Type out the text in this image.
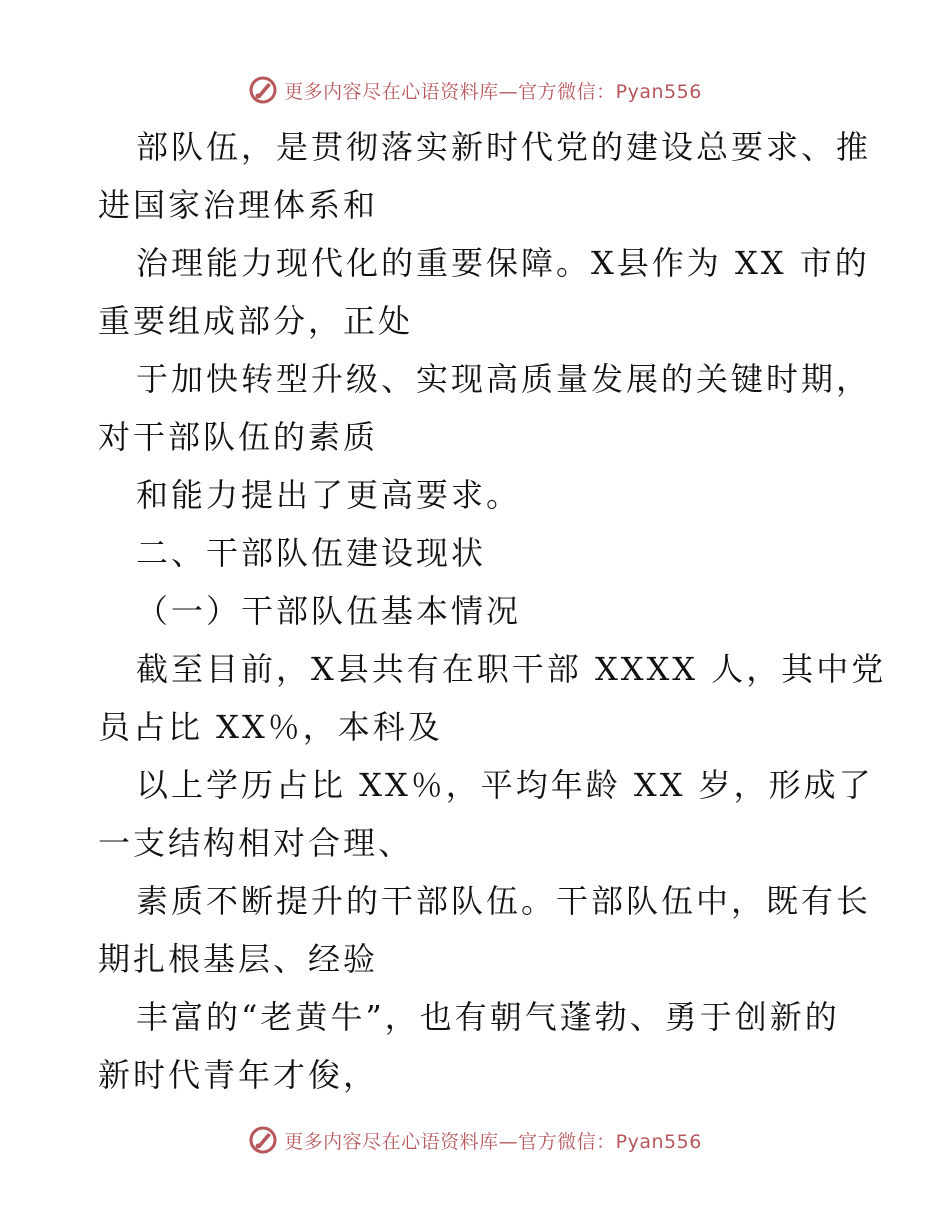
更多内容尽在心语资料库—官方微信：Pyan556

部队伍，是贯彻落实新时代党的建设总要求、推

进国家治理体系和

治理能力现代化的重要保障。X县作为 XX 市的

重要组成部分，正处

于加快转型升级、实现高质量发展的关键时期，

对干部队伍的素质

和能力提出了更高要求。

二、干部队伍建设现状

（一）干部队伍基本情况

截至目前，X县共有在职干部 XXXX 人，其中党

员占比 XX％，本科及

以上学历占比 XX％，平均年龄 XX 岁，形成了

一支结构相对合理、

素质不断提升的干部队伍。干部队伍中，既有长

期扎根基层、经验

丰富的“老黄牛”，也有朝气蓬勃、勇于创新的

新时代青年才俊，

更多内容尽在心语资料库—官方微信：Pyan556
